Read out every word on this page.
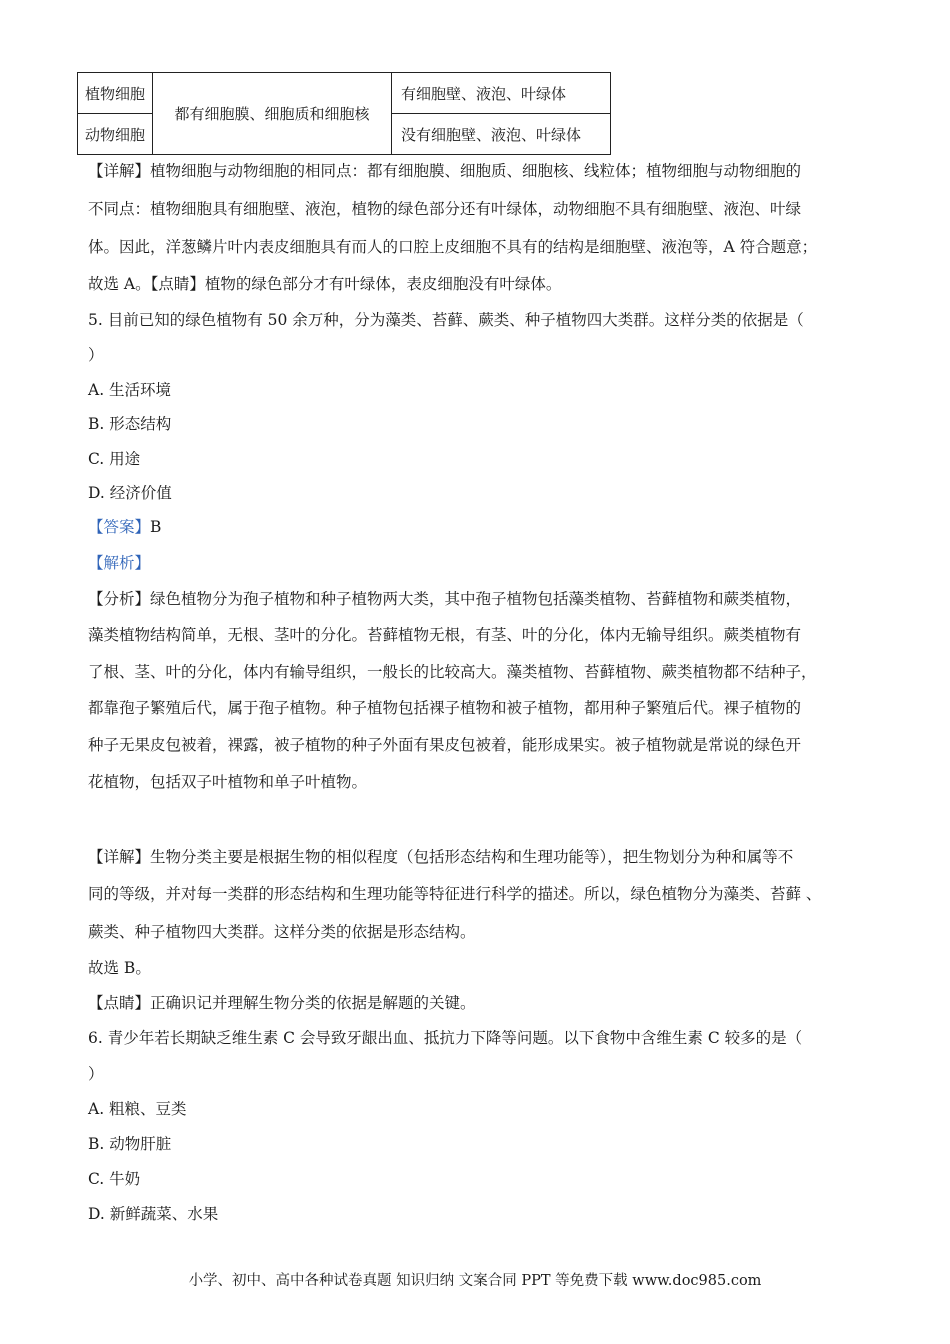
植物细胞	都有细胞膜、细胞质和细胞核	有细胞壁、液泡、叶绿体
动物细胞		没有细胞壁、液泡、叶绿体
【详解】植物细胞与动物细胞的相同点：都有细胞膜、细胞质、细胞核、线粒体；植物细胞与动物细胞的
不同点：植物细胞具有细胞壁、液泡，植物的绿色部分还有叶绿体，动物细胞不具有细胞壁、液泡、叶绿
体。因此，洋葱鳞片叶内表皮细胞具有而人的口腔上皮细胞不具有的结构是细胞壁、液泡等，A 符合题意；
故选 A。【点睛】植物的绿色部分才有叶绿体，表皮细胞没有叶绿体。
5. 目前已知的绿色植物有 50 余万种，分为藻类、苔藓、蕨类、种子植物四大类群。这样分类的依据是（
）
A. 生活环境
B. 形态结构
C. 用途
D. 经济价值
【答案】B
【解析】
【分析】绿色植物分为孢子植物和种子植物两大类，其中孢子植物包括藻类植物、苔藓植物和蕨类植物，
藻类植物结构简单，无根、茎叶的分化。苔藓植物无根，有茎、叶的分化，体内无输导组织。蕨类植物有
了根、茎、叶的分化，体内有输导组织，一般长的比较高大。藻类植物、苔藓植物、蕨类植物都不结种子，
都靠孢子繁殖后代，属于孢子植物。种子植物包括裸子植物和被子植物，都用种子繁殖后代。裸子植物的
种子无果皮包被着，裸露，被子植物的种子外面有果皮包被着，能形成果实。被子植物就是常说的绿色开
花植物，包括双子叶植物和单子叶植物。
【详解】生物分类主要是根据生物的相似程度（包括形态结构和生理功能等），把生物划分为种和属等不
同的等级，并对每一类群的形态结构和生理功能等特征进行科学的描述。所以，绿色植物分为藻类、苔藓 、
蕨类、种子植物四大类群。这样分类的依据是形态结构。
故选 B。
【点睛】正确识记并理解生物分类的依据是解题的关键。
6. 青少年若长期缺乏维生素 C 会导致牙龈出血、抵抗力下降等问题。以下食物中含维生素 C 较多的是（
）
A. 粗粮、豆类
B. 动物肝脏
C. 牛奶
D. 新鲜蔬菜、水果
小学、初中、高中各种试卷真题 知识归纳 文案合同 PPT 等免费下载 www.doc985.com
